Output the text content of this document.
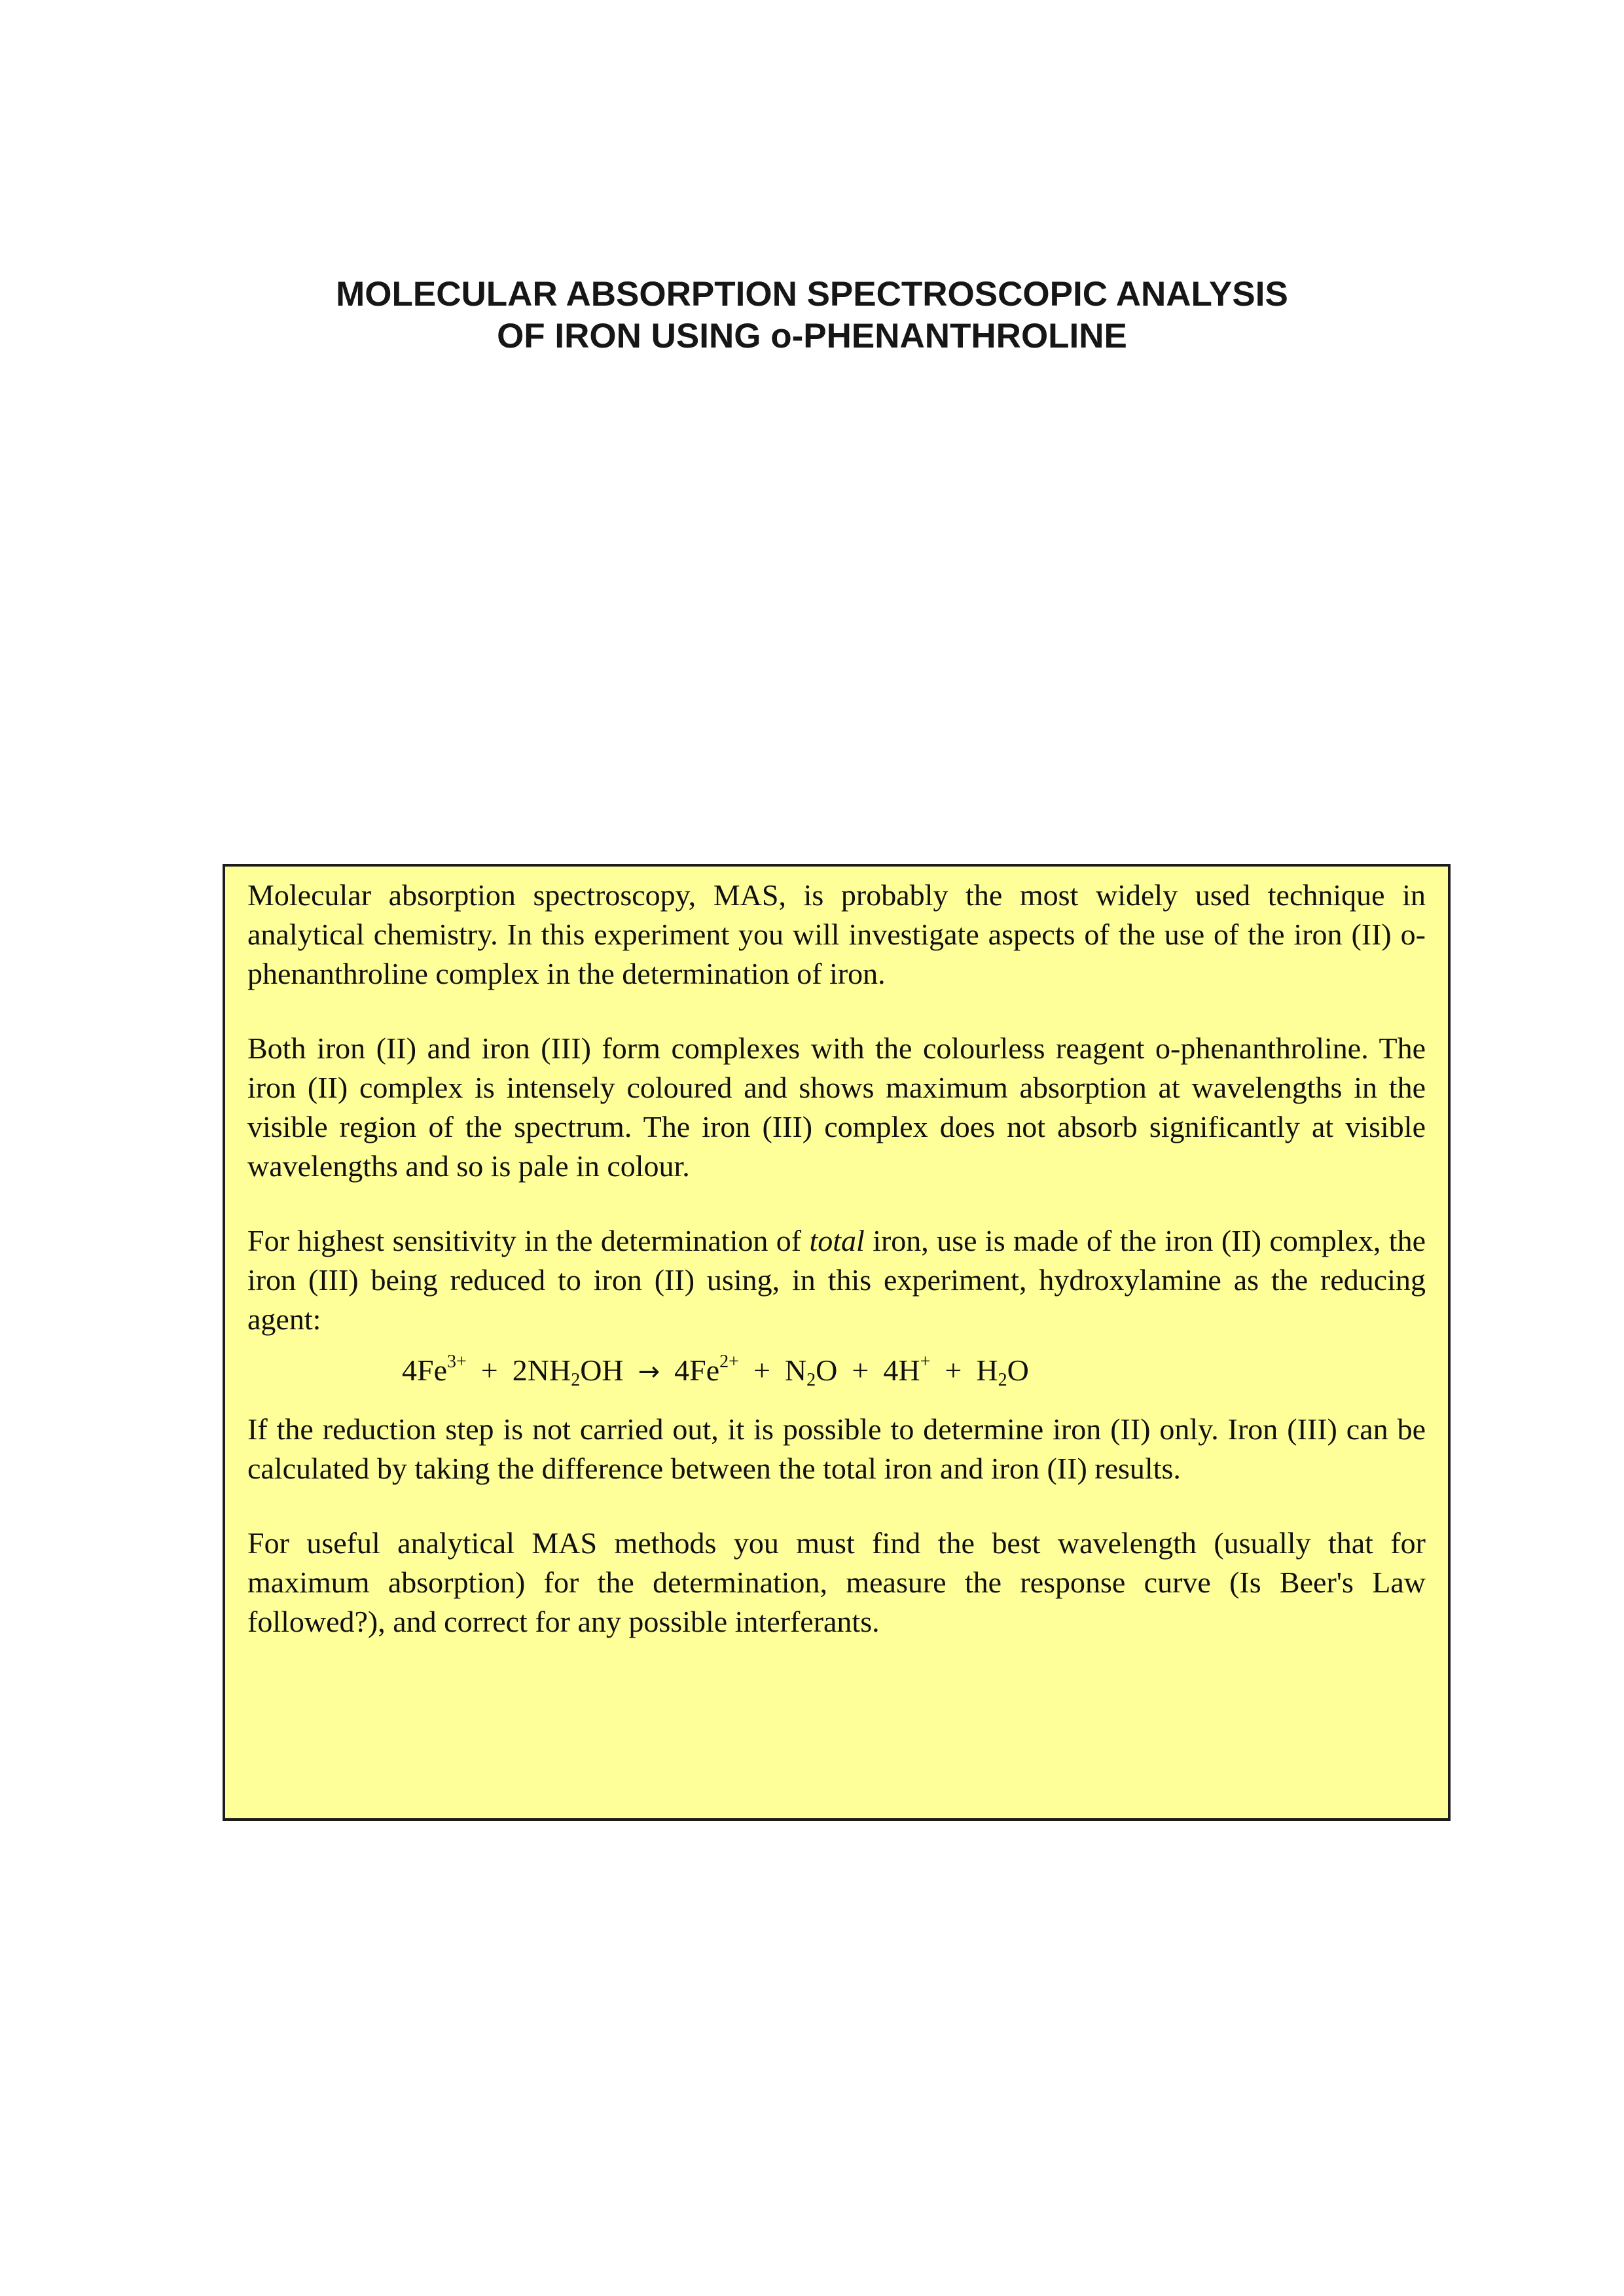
MOLECULAR ABSORPTION SPECTROSCOPIC ANALYSIS
OF IRON USING o-PHENANTHROLINE

Molecular absorption spectroscopy, MAS, is probably the most widely used technique in analytical chemistry. In this experiment you will investigate aspects of the use of the iron (II) o-phenanthroline complex in the determination of iron.

Both iron (II) and iron (III) form complexes with the colourless reagent o-phenanthroline. The iron (II) complex is intensely coloured and shows maximum absorption at wavelengths in the visible region of the spectrum. The iron (III) complex does not absorb significantly at visible wavelengths and so is pale in colour.

For highest sensitivity in the determination of total iron, use is made of the iron (II) complex, the iron (III) being reduced to iron (II) using, in this experiment, hydroxylamine as the reducing agent:

$4Fe^{3+} + 2NH_2OH \to 4Fe^{2+} + N_2O + 4H^+ + H_2O$

If the reduction step is not carried out, it is possible to determine iron (II) only. Iron (III) can be calculated by taking the difference between the total iron and iron (II) results.

For useful analytical MAS methods you must find the best wavelength (usually that for maximum absorption) for the determination, measure the response curve (Is Beer's Law followed?), and correct for any possible interferants.
